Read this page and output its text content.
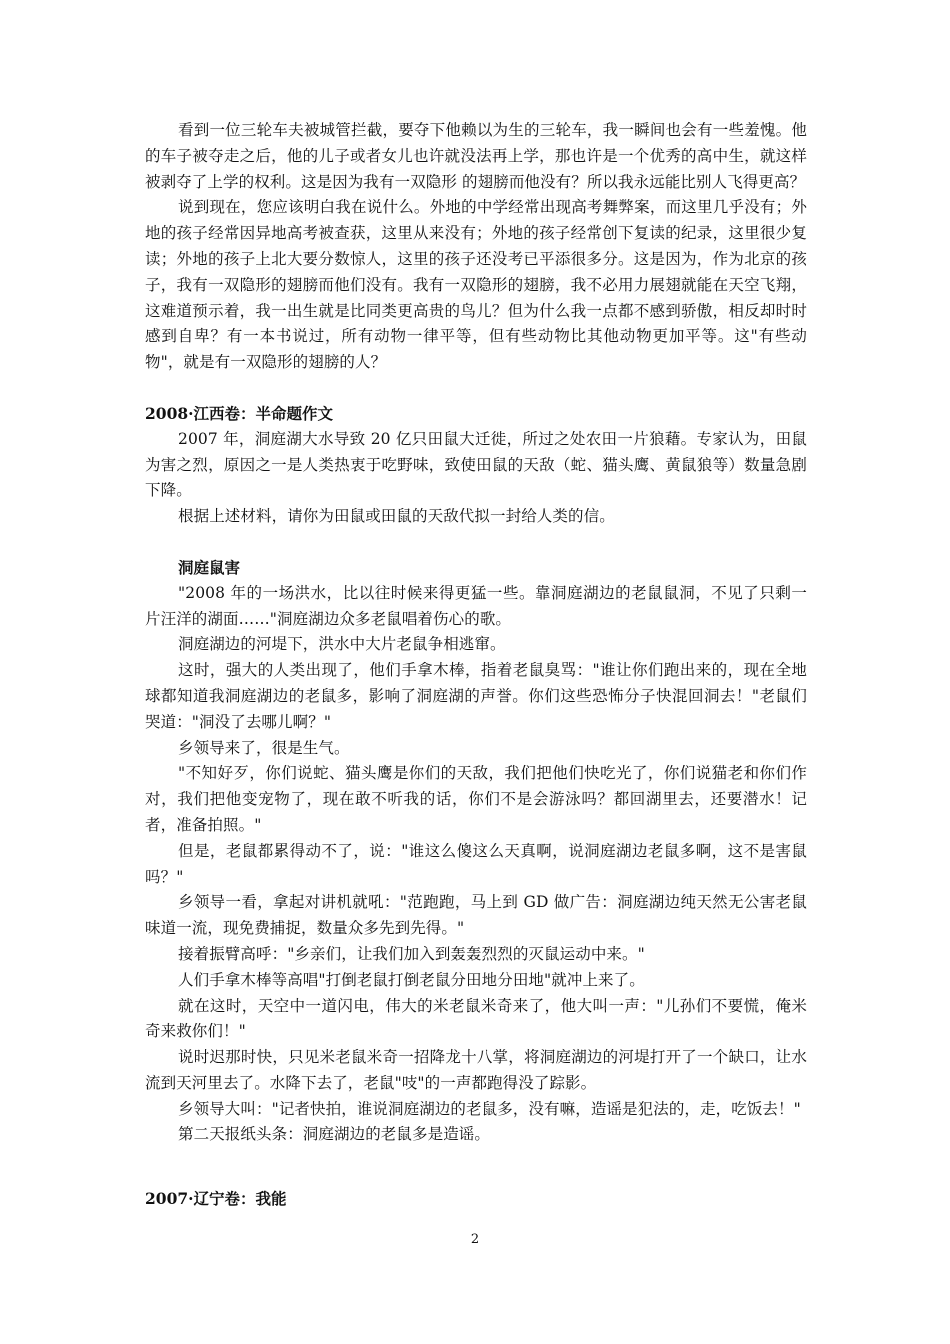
看到一位三轮车夫被城管拦截，要夺下他赖以为生的三轮车，我一瞬间也会有一些羞愧。他的车子被夺走之后，他的儿子或者女儿也许就没法再上学，那也许是一个优秀的高中生，就这样被剥夺了上学的权利。这是因为我有一双隐形 的翅膀而他没有？所以我永远能比别人飞得更高？

说到现在，您应该明白我在说什么。外地的中学经常出现高考舞弊案，而这里几乎没有；外地的孩子经常因异地高考被查获，这里从来没有；外地的孩子经常创下复读的纪录，这里很少复读；外地的孩子上北大要分数惊人，这里的孩子还没考已平添很多分。这是因为，作为北京的孩子，我有一双隐形的翅膀而他们没有。我有一双隐形的翅膀，我不必用力展翅就能在天空飞翔，这难道预示着，我一出生就是比同类更高贵的鸟儿？但为什么我一点都不感到骄傲，相反却时时感到自卑？有一本书说过，所有动物一律平等，但有些动物比其他动物更加平等。这"有些动物"，就是有一双隐形的翅膀的人？

2008·江西卷：半命题作文

2007 年，洞庭湖大水导致 20 亿只田鼠大迁徙，所过之处农田一片狼藉。专家认为，田鼠为害之烈，原因之一是人类热衷于吃野味，致使田鼠的天敌（蛇、猫头鹰、黄鼠狼等）数量急剧下降。

根据上述材料，请你为田鼠或田鼠的天敌代拟一封给人类的信。

洞庭鼠害

"2008 年的一场洪水，比以往时候来得更猛一些。靠洞庭湖边的老鼠鼠洞，不见了只剩一片汪洋的湖面……"洞庭湖边众多老鼠唱着伤心的歌。

洞庭湖边的河堤下，洪水中大片老鼠争相逃窜。

这时，强大的人类出现了，他们手拿木棒，指着老鼠臭骂："谁让你们跑出来的，现在全地球都知道我洞庭湖边的老鼠多，影响了洞庭湖的声誉。你们这些恐怖分子快混回洞去！"老鼠们哭道："洞没了去哪儿啊？"

乡领导来了，很是生气。

"不知好歹，你们说蛇、猫头鹰是你们的天敌，我们把他们快吃光了，你们说猫老和你们作对，我们把他变宠物了，现在敢不听我的话，你们不是会游泳吗？都回湖里去，还要潜水！记者，准备拍照。"

但是，老鼠都累得动不了，说："谁这么傻这么天真啊，说洞庭湖边老鼠多啊，这不是害鼠吗？"

乡领导一看，拿起对讲机就吼："范跑跑，马上到 GD 做广告：洞庭湖边纯天然无公害老鼠味道一流，现免费捕捉，数量众多先到先得。"

接着振臂高呼："乡亲们，让我们加入到轰轰烈烈的灭鼠运动中来。"

人们手拿木棒等高唱"打倒老鼠打倒老鼠分田地分田地"就冲上来了。

就在这时，天空中一道闪电，伟大的米老鼠米奇来了，他大叫一声："儿孙们不要慌，俺米奇来救你们！"

说时迟那时快，只见米老鼠米奇一招降龙十八掌，将洞庭湖边的河堤打开了一个缺口，让水流到天河里去了。水降下去了，老鼠"吱"的一声都跑得没了踪影。

乡领导大叫："记者快拍，谁说洞庭湖边的老鼠多，没有嘛，造谣是犯法的，走，吃饭去！"

第二天报纸头条：洞庭湖边的老鼠多是造谣。

2007·辽宁卷：我能
2
